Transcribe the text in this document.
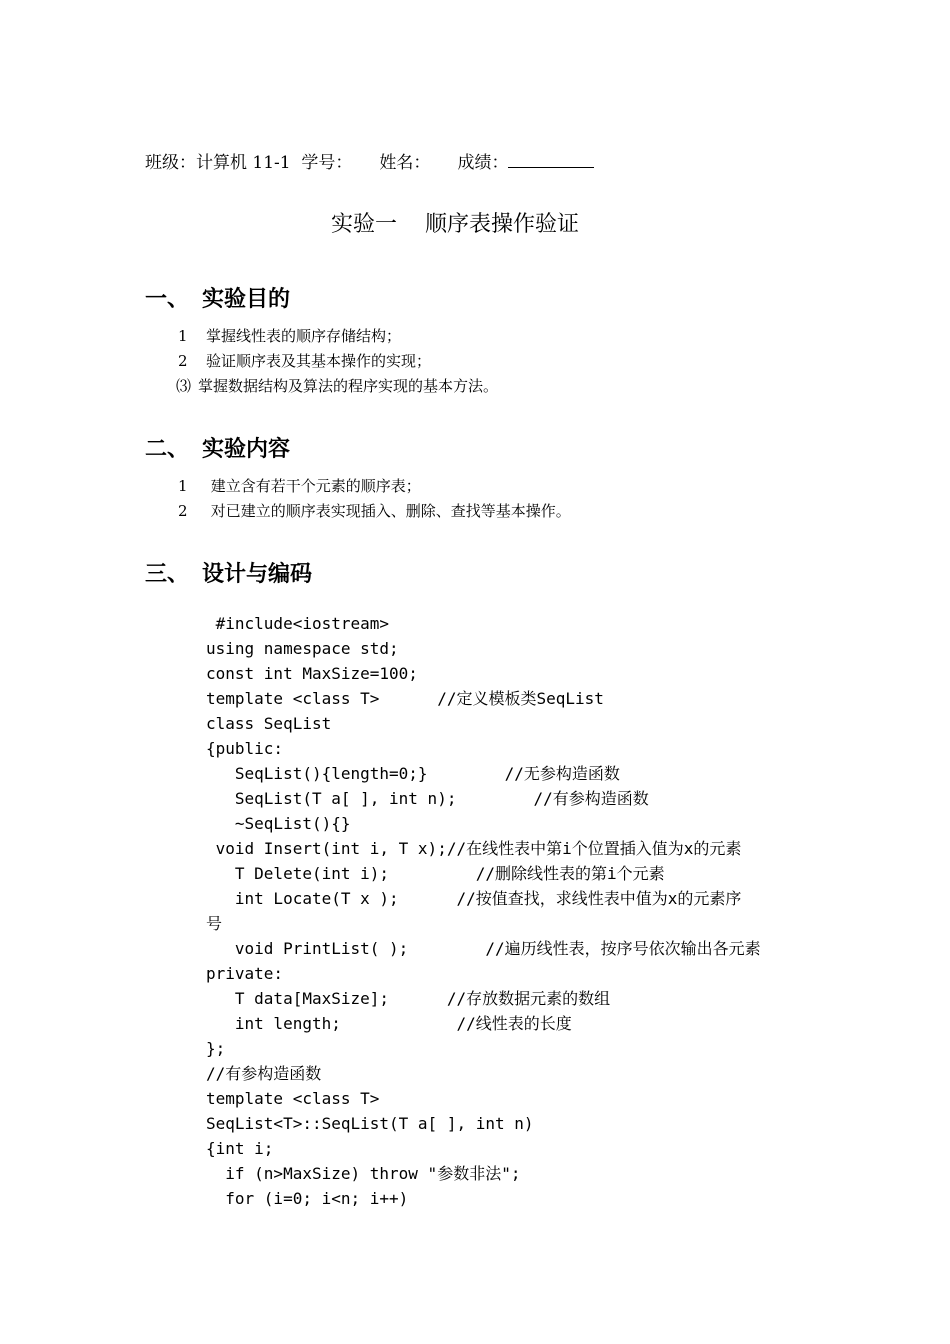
班级：计算机 11-1  学号：     姓名：     成绩：
实验一    顺序表操作验证
一、 实验目的
1 掌握线性表的顺序存储结构；
2 验证顺序表及其基本操作的实现；
⑶ 掌握数据结构及算法的程序实现的基本方法。
二、 实验内容
1 建立含有若干个元素的顺序表；
2 对已建立的顺序表实现插入、删除、查找等基本操作。
三、 设计与编码
#include<iostream>
using namespace std;
const int MaxSize=100;
template <class T>      //定义模板类SeqList
class SeqList
{public:
SeqList(){length=0;}        //无参构造函数
SeqList(T a[ ], int n);        //有参构造函数
~SeqList(){}
void Insert(int i, T x);//在线性表中第i个位置插入值为x的元素
T Delete(int i);         //删除线性表的第i个元素
int Locate(T x );      //按值查找，求线性表中值为x的元素序
号
void PrintList( );        //遍历线性表，按序号依次输出各元素
private:
T data[MaxSize];      //存放数据元素的数组
int length;            //线性表的长度
};
//有参构造函数
template <class T>
SeqList<T>::SeqList(T a[ ], int n)
{int i;
if (n>MaxSize) throw "参数非法";
for (i=0; i<n; i++)
